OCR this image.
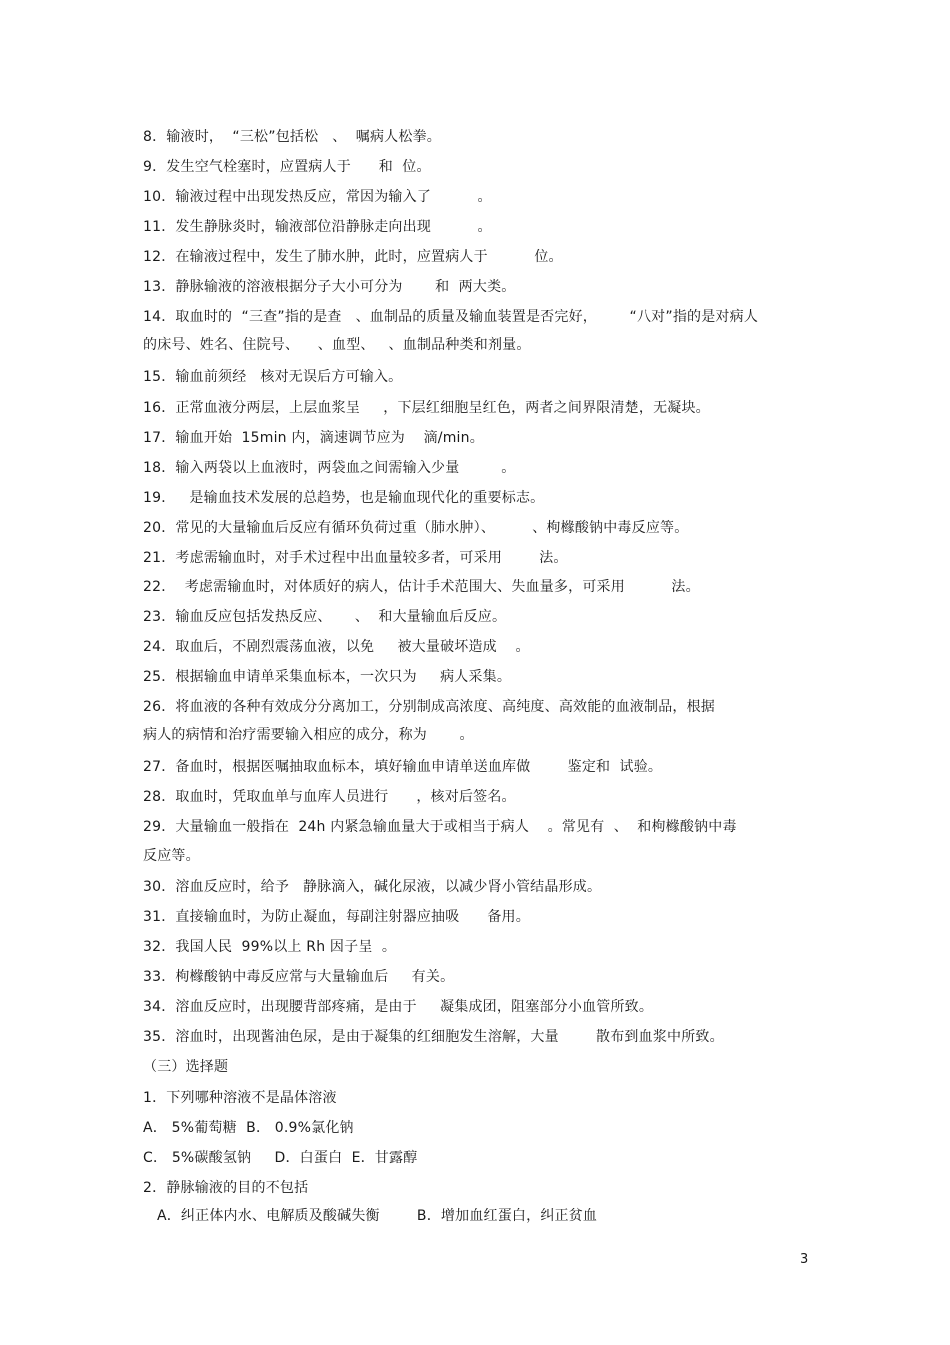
8．输液时，  “三松”包括松   、  嘱病人松拳。
9．发生空气栓塞时，应置病人于      和  位。
10．输液过程中出现发热反应，常因为输入了          。
11．发生静脉炎时，输液部位沿静脉走向出现          。
12．在输液过程中，发生了肺水肿，此时，应置病人于          位。
13．静脉输液的溶液根据分子大小可分为       和  两大类。
14．取血时的  “三查”指的是查   、血制品的质量及输血装置是否完好，       “八对”指的是对病人
的床号、姓名、住院号、    、血型、   、血制品种类和剂量。
15．输血前须经   核对无误后方可输入。
16．正常血液分两层，上层血浆呈     ，下层红细胞呈红色，两者之间界限清楚，无凝块。
17．输血开始  15min 内，滴速调节应为    滴/min。
18．输入两袋以上血液时，两袋血之间需输入少量         。
19．   是输血技术发展的总趋势，也是输血现代化的重要标志。
20．常见的大量输血后反应有循环负荷过重（肺水肿）、        、枸橼酸钠中毒反应等。
21．考虑需输血时，对手术过程中出血量较多者，可采用        法。
22．  考虑需输血时，对体质好的病人，估计手术范围大、失血量多，可采用          法。
23．输血反应包括发热反应、     、  和大量输血后反应。
24．取血后，不剧烈震荡血液，以免     被大量破坏造成    。
25．根据输血申请单采集血标本，一次只为     病人采集。
26．将血液的各种有效成分分离加工，分别制成高浓度、高纯度、高效能的血液制品，根据
病人的病情和治疗需要输入相应的成分，称为       。
27．备血时，根据医嘱抽取血标本，填好输血申请单送血库做        鉴定和  试验。
28．取血时，凭取血单与血库人员进行      ，核对后签名。
29．大量输血一般指在  24h 内紧急输血量大于或相当于病人    。常见有  、  和枸橼酸钠中毒
反应等。
30．溶血反应时，给予   静脉滴入，碱化尿液，以减少肾小管结晶形成。
31．直接输血时，为防止凝血，每副注射器应抽吸      备用。
32．我国人民  99%以上 Rh 因子呈  。
33．枸橼酸钠中毒反应常与大量输血后     有关。
34．溶血反应时，出现腰背部疼痛，是由于     凝集成团，阻塞部分小血管所致。
35．溶血时，出现酱油色尿，是由于凝集的红细胞发生溶解，大量        散布到血浆中所致。
（三）选择题
1．下列哪种溶液不是晶体溶液
A． 5%葡萄糖  B． 0.9%氯化钠
C． 5%碳酸氢钠     D．白蛋白  E．甘露醇
2．静脉输液的目的不包括
A．纠正体内水、电解质及酸碱失衡        B．增加血红蛋白，纠正贫血
3
